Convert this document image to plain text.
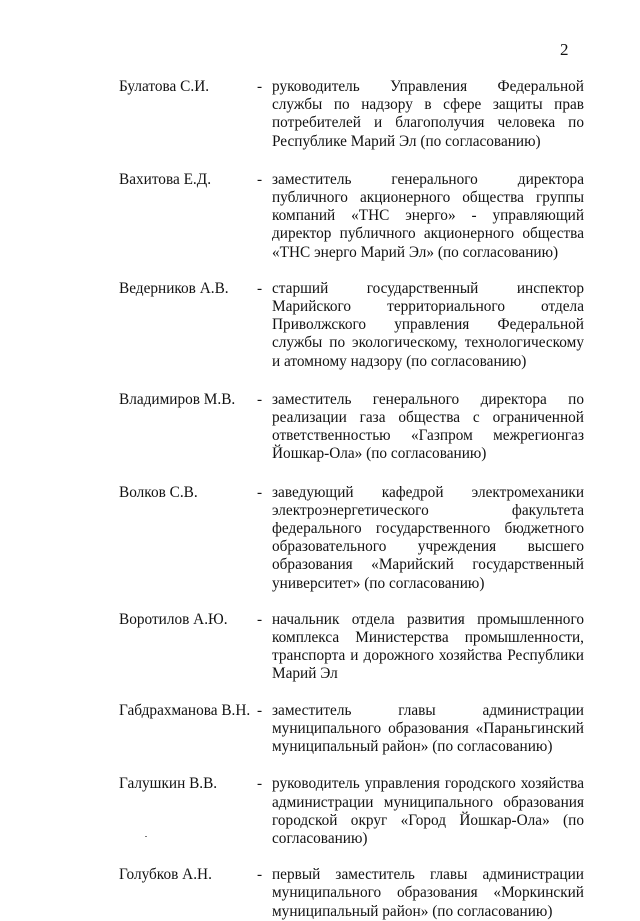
2
Булатова С.И.	- руководитель Управления Федеральной службы по надзору в сфере защиты прав потребителей и благополучия человека по Республике Марий Эл (по согласованию)
Вахитова Е.Д.	- заместитель генерального директора публичного акционерного общества группы компаний «ТНС энерго» - управляющий директор публичного акционерного общества «ТНС энерго Марий Эл» (по согласованию)
Ведерников А.В.	- старший государственный инспектор Марийского территориального отдела Приволжского управления Федеральной службы по экологическому, технологическому и атомному надзору (по согласованию)
Владимиров М.В.	- заместитель генерального директора по реализации газа общества с ограниченной ответственностью «Газпром межрегионгаз Йошкар-Ола» (по согласованию)
Волков С.В.	- заведующий кафедрой электромеханики электроэнергетического факультета федерального государственного бюджетного образовательного учреждения высшего образования «Марийский государственный университет» (по согласованию)
Воротилов А.Ю.	- начальник отдела развития промышленного комплекса Министерства промышленности, транспорта и дорожного хозяйства Республики Марий Эл
Габдрахманова В.Н. - заместитель главы администрации муниципального образования «Параньгинский муниципальный район» (по согласованию)
Галушкин В.В.	- руководитель управления городского хозяйства администрации муниципального образования городской округ «Город Йошкар-Ола» (по согласованию)
Голубков А.Н.	- первый заместитель главы администрации муниципального образования «Моркинский муниципальный район» (по согласованию)
